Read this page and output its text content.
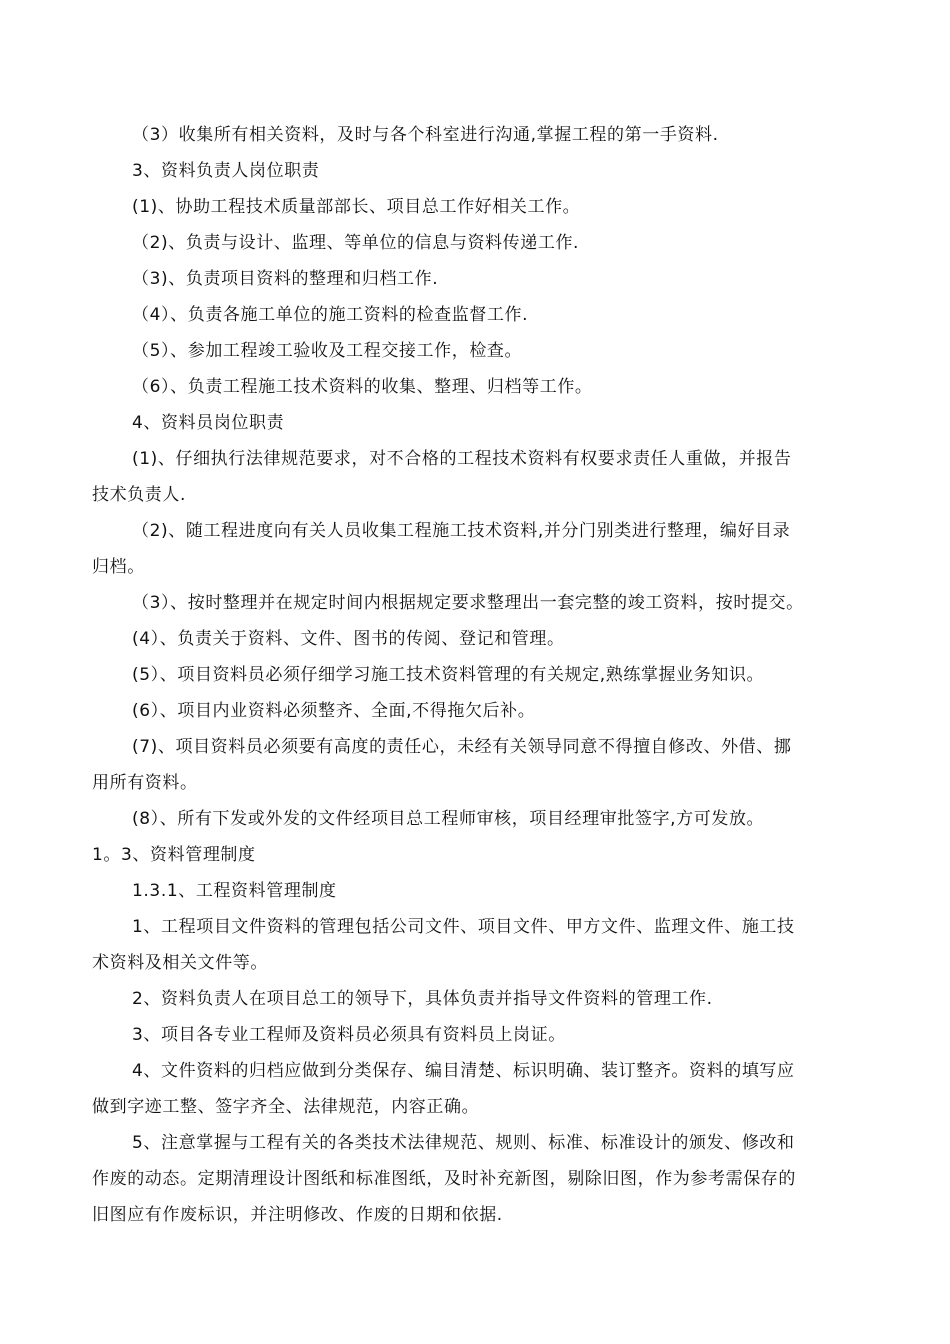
（3）收集所有相关资料，及时与各个科室进行沟通,掌握工程的第一手资料.
3、资料负责人岗位职责
(1)、协助工程技术质量部部长、项目总工作好相关工作。
（2)、负责与设计、监理、等单位的信息与资料传递工作.
（3)、负责项目资料的整理和归档工作.
（4）、负责各施工单位的施工资料的检查监督工作.
（5）、参加工程竣工验收及工程交接工作，检查。
（6）、负责工程施工技术资料的收集、整理、归档等工作。
4、资料员岗位职责
(1)、仔细执行法律规范要求，对不合格的工程技术资料有权要求责任人重做，并报告
技术负责人.
（2)、随工程进度向有关人员收集工程施工技术资料,并分门别类进行整理，编好目录
归档。
（3）、按时整理并在规定时间内根据规定要求整理出一套完整的竣工资料，按时提交。
(4）、负责关于资料、文件、图书的传阅、登记和管理。
(5）、项目资料员必须仔细学习施工技术资料管理的有关规定,熟练掌握业务知识。
(6）、项目内业资料必须整齐、全面,不得拖欠后补。
(7)、项目资料员必须要有高度的责任心，未经有关领导同意不得擅自修改、外借、挪
用所有资料。
(8）、所有下发或外发的文件经项目总工程师审核，项目经理审批签字,方可发放。
1。3、资料管理制度
1.3.1、工程资料管理制度
1、工程项目文件资料的管理包括公司文件、项目文件、甲方文件、监理文件、施工技
术资料及相关文件等。
2、资料负责人在项目总工的领导下，具体负责并指导文件资料的管理工作.
3、项目各专业工程师及资料员必须具有资料员上岗证。
4、文件资料的归档应做到分类保存、编目清楚、标识明确、装订整齐。资料的填写应
做到字迹工整、签字齐全、法律规范，内容正确。
5、注意掌握与工程有关的各类技术法律规范、规则、标准、标准设计的颁发、修改和
作废的动态。定期清理设计图纸和标准图纸，及时补充新图，剔除旧图，作为参考需保存的
旧图应有作废标识，并注明修改、作废的日期和依据.
